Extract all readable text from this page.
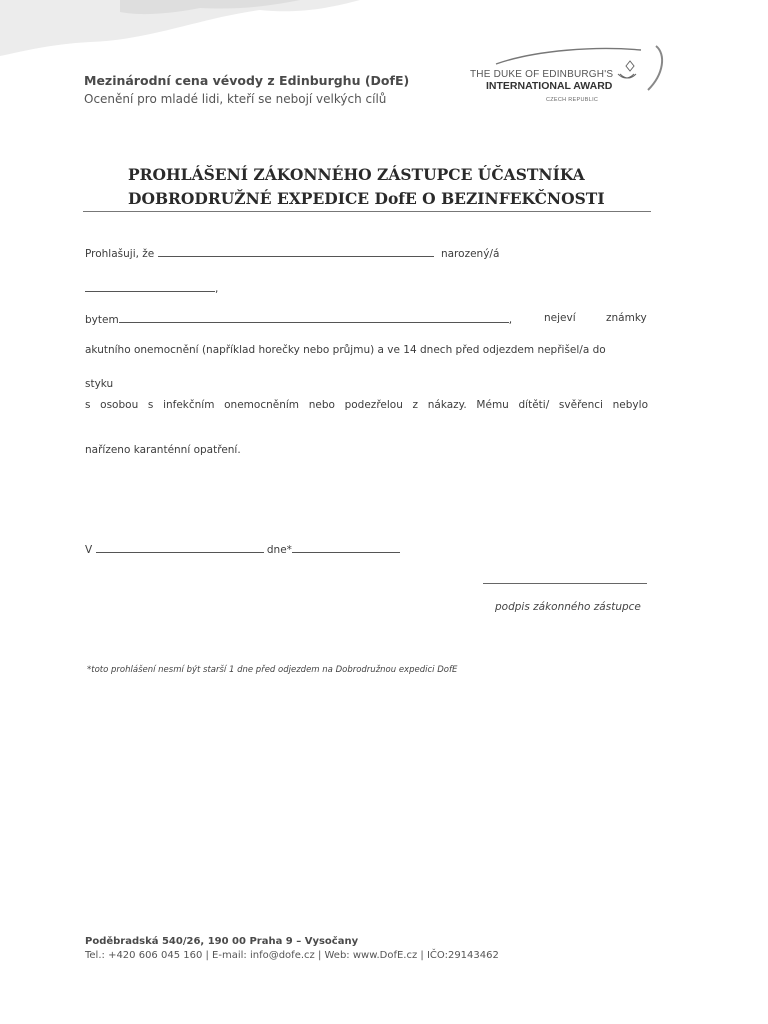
Mezinárodní cena vévody z Edinburghu (DofE)
Ocenění pro mladé lidi, kteří se nebojí velkých cílů
THE DUKE OF EDINBURGH'S
INTERNATIONAL AWARD
CZECH REPUBLIC
PROHLÁŠENÍ ZÁKONNÉHO ZÁSTUPCE ÚČASTNÍKA
DOBRODRUŽNÉ EXPEDICE DofE O BEZINFEKČNOSTI
Prohlašuji, že	narozený/á
,
bytem	,	nejeví	známky
akutního onemocnění (například horečky nebo průjmu) a ve 14 dnech před odjezdem nepřišel/a do
styku
s osobou s infekčním onemocněním nebo podezřelou z nákazy. Mému dítěti/ svěřenci nebylo
nařízeno karanténní opatření.
V	dne*
podpis zákonného zástupce
*toto prohlášení nesmí být starší 1 dne před odjezdem na Dobrodružnou expedici DofE
Poděbradská 540/26, 190 00 Praha 9 – Vysočany
Tel.: +420 606 045 160 | E-mail: info@dofe.cz | Web: www.DofE.cz | IČO:29143462
